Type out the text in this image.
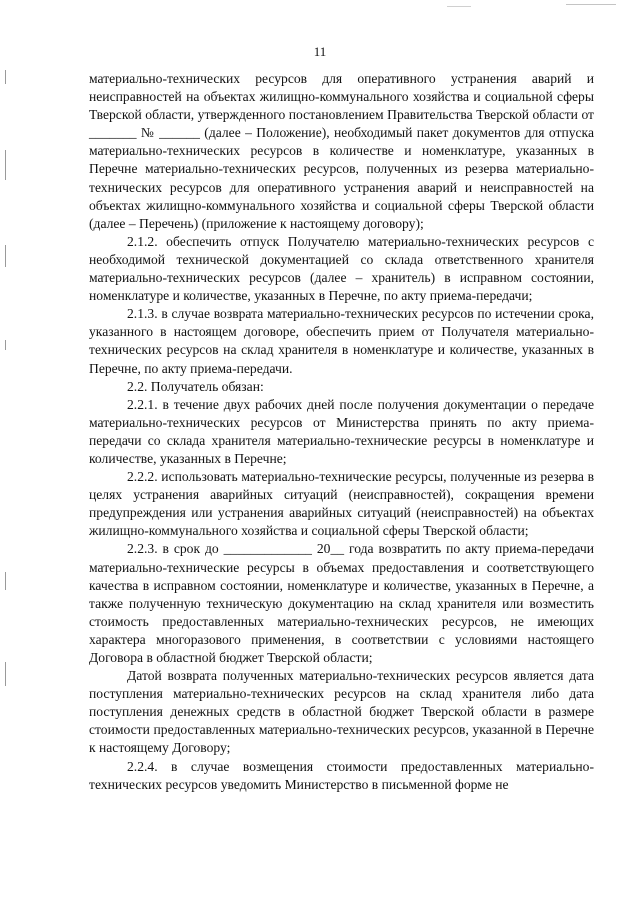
11

материально-технических ресурсов для оперативного устранения аварий и неисправностей на объектах жилищно-коммунального хозяйства и социальной сферы Тверской области, утвержденного постановлением Правительства Тверской области от _______ № ______ (далее – Положение), необходимый пакет документов для отпуска материально-технических ресурсов в количестве и номенклатуре, указанных в Перечне материально-технических ресурсов, полученных из резерва материально-технических ресурсов для оперативного устранения аварий и неисправностей на объектах жилищно-коммунального хозяйства и социальной сферы Тверской области (далее – Перечень) (приложение к настоящему договору);

2.1.2. обеспечить отпуск Получателю материально-технических ресурсов с необходимой технической документацией со склада ответственного хранителя материально-технических ресурсов (далее – хранитель) в исправном состоянии, номенклатуре и количестве, указанных в Перечне, по акту приема-передачи;

2.1.3. в случае возврата материально-технических ресурсов по истечении срока, указанного в настоящем договоре, обеспечить прием от Получателя материально-технических ресурсов на склад хранителя в номенклатуре и количестве, указанных в Перечне, по акту приема-передачи.

2.2. Получатель обязан:

2.2.1. в течение двух рабочих дней после получения документации о передаче материально-технических ресурсов от Министерства принять по акту приема-передачи со склада хранителя материально-технические ресурсы в номенклатуре и количестве, указанных в Перечне;

2.2.2. использовать материально-технические ресурсы, полученные из резерва в целях устранения аварийных ситуаций (неисправностей), сокращения времени предупреждения или устранения аварийных ситуаций (неисправностей) на объектах жилищно-коммунального хозяйства и социальной сферы Тверской области;

2.2.3. в срок до _____________ 20__ года возвратить по акту приема-передачи материально-технические ресурсы в объемах предоставления и соответствующего качества в исправном состоянии, номенклатуре и количестве, указанных в Перечне, а также полученную техническую документацию на склад хранителя или возместить стоимость предоставленных материально-технических ресурсов, не имеющих характера многоразового применения, в соответствии с условиями настоящего Договора в областной бюджет Тверской области;

Датой возврата полученных материально-технических ресурсов является дата поступления материально-технических ресурсов на склад хранителя либо дата поступления денежных средств в областной бюджет Тверской области в размере стоимости предоставленных материально-технических ресурсов, указанной в Перечне к настоящему Договору;

2.2.4. в случае возмещения стоимости предоставленных материально-технических ресурсов уведомить Министерство в письменной форме не
